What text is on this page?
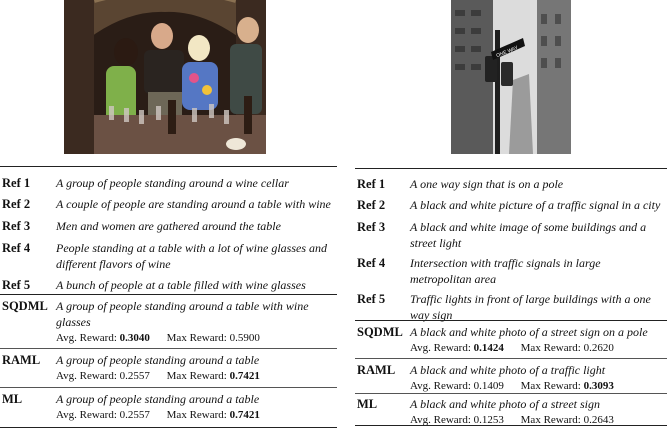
ONE WAY
Ref 1 A group of people standing around a wine cellar
Ref 2 A couple of people are standing around a table with wine
Ref 3 Men and women are gathered around the table
Ref 4 People standing at a table with a lot of wine glasses and different flavors of wine
Ref 5 A bunch of people at a table filled with wine glasses
SQDML A group of people standing around a table with wine glasses
Avg. Reward: 0.3040 Max Reward: 0.5900
RAML A group of people standing around a table
Avg. Reward: 0.2557 Max Reward: 0.7421
ML	A group of people standing around a table
Avg. Reward: 0.2557 Max Reward: 0.7421
Ref 1 A one way sign that is on a pole
Ref 2 A black and white picture of a traffic signal in a city
Ref 3 A black and white image of some buildings and a street light
Ref 4 Intersection with traffic signals in large metropolitan area
Ref 5 Traffic lights in front of large buildings with a one way sign
SQDML A black and white photo of a street sign on a pole
Avg. Reward: 0.1424 Max Reward: 0.2620
RAML A black and white photo of a traffic light
Avg. Reward: 0.1409 Max Reward: 0.3093
ML	A black and white photo of a street sign
Avg. Reward: 0.1253 Max Reward: 0.2643
